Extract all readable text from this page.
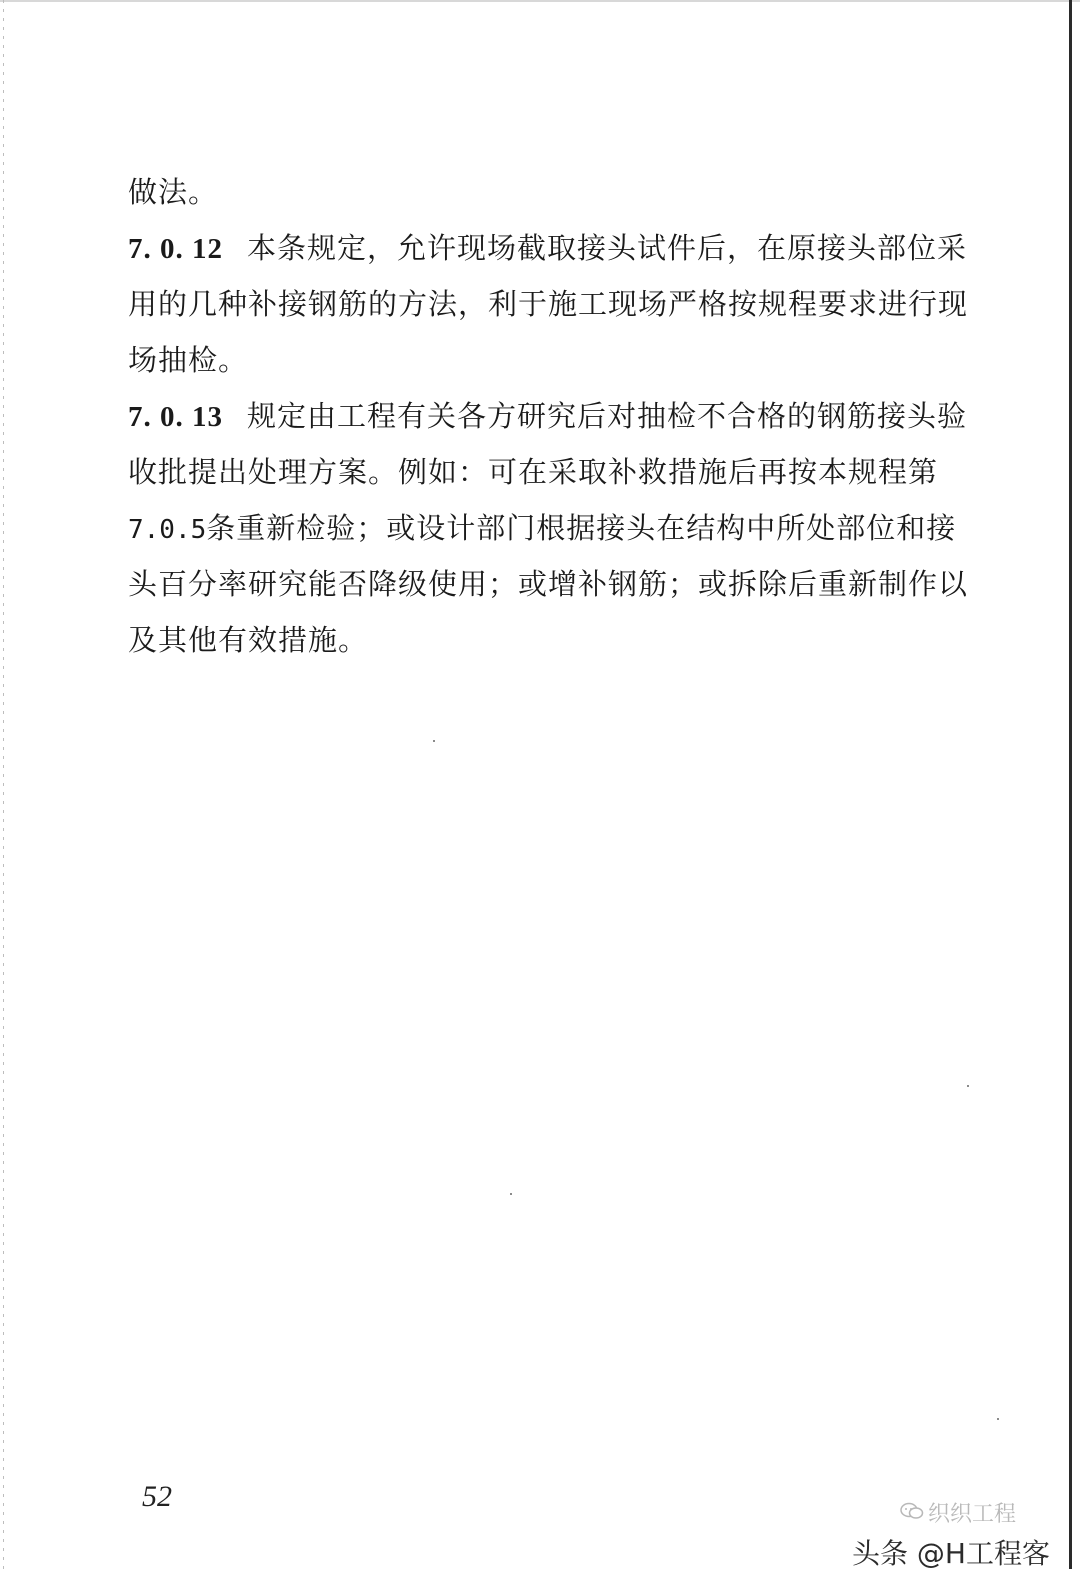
做法。
7. 0. 12 本条规定，允许现场截取接头试件后，在原接头部位采
用的几种补接钢筋的方法，利于施工现场严格按规程要求进行现
场抽检。
7. 0. 13 规定由工程有关各方研究后对抽检不合格的钢筋接头验
收批提出处理方案。例如：可在采取补救措施后再按本规程第
7.0.5条重新检验；或设计部门根据接头在结构中所处部位和接
头百分率研究能否降级使用；或增补钢筋；或拆除后重新制作以
及其他有效措施。
52
织织工程
头条 @H工程客
